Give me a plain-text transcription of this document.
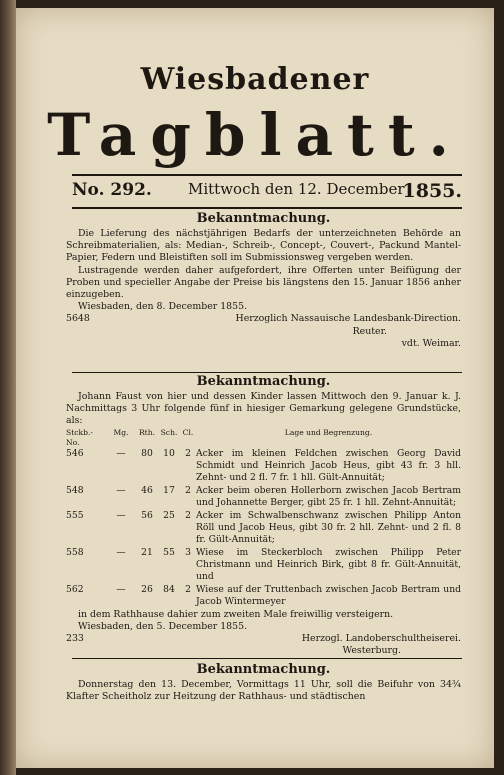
Wiesbadener
Tagblatt.
No. 292. Mittwoch den 12. December
1855.
Bekanntmachung.

Die Lieferung des nächstjährigen Bedarfs der unterzeichneten Behörde an Schreibmaterialien, als: Median-, Schreib-, Concept-, Couvert-, Packund Mantel-Papier, Federn und Bleistiften soll im Submissionsweg vergeben werden.

Lustragende werden daher aufgefordert, ihre Offerten unter Beifügung der Proben und specieller Angabe der Preise bis längstens den 15. Januar 1856 anher einzugeben.

Wiesbaden, den 8. December 1855.

5648	Herzoglich Nassauische Landesbank-Direction.
Reuter.
vdt. Weimar.
Bekanntmachung.

Johann Faust von hier und dessen Kinder lassen Mittwoch den 9. Januar k. J. Nachmittags 3 Uhr folgende fünf in hiesiger Gemarkung gelegene Grundstücke, als:

Stckb.-No.
Mg.	Rth. Sch. Cl.	Lage und Begrenzung.
546	—	80	10	2 Acker im kleinen Feldchen zwischen Georg David Schmidt und Heinrich Jacob Heus, gibt 43 fr. 3 hll. Zehnt- und 2 fl. 7 fr. 1 hll. Gült-Annuität;
548	—	46	17	2 Acker beim oberen Hollerborn zwischen Jacob Bertram und Johannette Berger, gibt 25 fr. 1 hll. Zehnt-Annuität;
555	—	56	25	2 Acker im Schwalbenschwanz zwischen Philipp Anton Röll und Jacob Heus, gibt 30 fr. 2 hll. Zehnt- und 2 fl. 8 fr. Gült-Annuität;
558	—	21	55	3 Wiese im Steckerbloch zwischen Philipp Peter Christmann und Heinrich Birk, gibt 8 fr. Gült-Annuität, und
562	—	26	84	2 Wiese auf der Truttenbach zwischen Jacob Bertram und Jacob Wintermeyer

in dem Rathhause dahier zum zweiten Male freiwillig versteigern.

Wiesbaden, den 5. December 1855.

233	Herzogl. Landoberschultheiserei.
Westerburg.
Bekanntmachung.

Donnerstag den 13. December, Vormittags 11 Uhr, soll die Beifuhr von 34¾ Klafter Scheitholz zur Heitzung der Rathhaus- und städtischen
